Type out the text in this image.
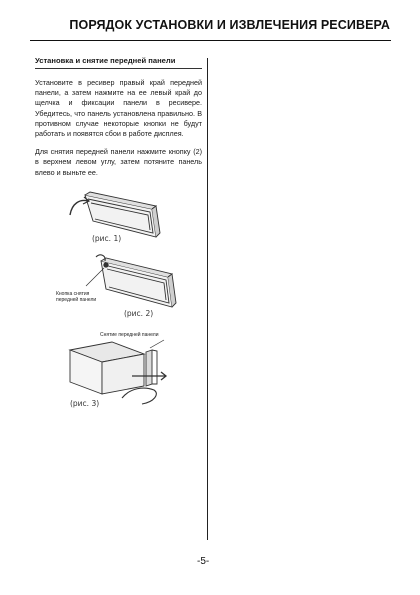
ПОРЯДОК УСТАНОВКИ И ИЗВЛЕЧЕНИЯ РЕСИВЕРА
Установка и снятие передней панели

Установите в ресивер правый край передней панели, а затем нажмите на ее левый край до щелчка и фиксации панели в ресивере. Убедитесь, что панель установлена правильно. В противном случае некоторые кнопки не будут работать и появятся сбои в работе дисплея.

Для снятия передней панели нажмите кнопку (2) в верхнем левом углу, затем потяните панель влево и выньте ее.

(рис. 1)
Кнопка снятия
передней панели
(рис. 2)
Снятие передней панели
(рис. 3)
-5-
